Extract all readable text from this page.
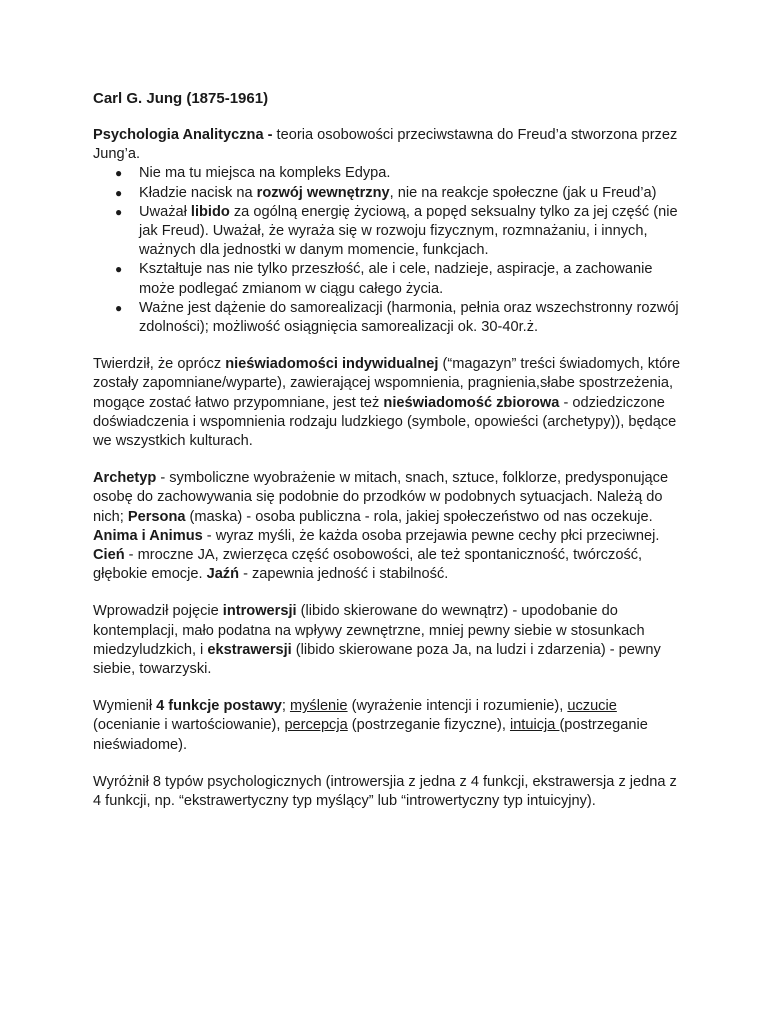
Carl G. Jung (1875-1961)

Psychologia Analityczna - teoria osobowości przeciwstawna do Freud’a stworzona przez Jung’a.

● Nie ma tu miejsca na kompleks Edypa.
● Kładzie nacisk na rozwój wewnętrzny, nie na reakcje społeczne (jak u Freud’a)
● Uważał libido za ogólną energię życiową, a popęd seksualny tylko za jej część (nie jak Freud). Uważał, że wyraża się w rozwoju fizycznym, rozmnażaniu, i innych, ważnych dla jednostki w danym momencie, funkcjach.
● Kształtuje nas nie tylko przeszłość, ale i cele, nadzieje, aspiracje, a zachowanie może podlegać zmianom w ciągu całego życia.
● Ważne jest dążenie do samorealizacji (harmonia, pełnia oraz wszechstronny rozwój zdolności); możliwość osiągnięcia samorealizacji ok. 30-40r.ż.

Twierdził, że oprócz nieświadomości indywidualnej (“magazyn” treści świadomych, które zostały zapomniane/wyparte), zawierającej wspomnienia, pragnienia,słabe spostrzeżenia, mogące zostać łatwo przypomniane, jest też nieświadomość zbiorowa - odziedziczone doświadczenia i wspomnienia rodzaju ludzkiego (symbole, opowieści (archetypy)), będące we wszystkich kulturach.

Archetyp - symboliczne wyobrażenie w mitach, snach, sztuce, folklorze, predysponujące osobę do zachowywania się podobnie do przodków w podobnych sytuacjach. Należą do nich; Persona (maska) - osoba publiczna - rola, jakiej społeczeństwo od nas oczekuje. Anima i Animus - wyraz myśli, że każda osoba przejawia pewne cechy płci przeciwnej. Cień - mroczne JA, zwierzęca część osobowości, ale też spontaniczność, twórczość, głębokie emocje. Jaźń - zapewnia jedność i stabilność.

Wprowadził pojęcie introwersji (libido skierowane do wewnątrz) - upodobanie do kontemplacji, mało podatna na wpływy zewnętrzne, mniej pewny siebie w stosunkach miedzyludzkich, i ekstrawersji (libido skierowane poza Ja, na ludzi i zdarzenia) - pewny siebie, towarzyski.

Wymienił 4 funkcje postawy; myślenie (wyrażenie intencji i rozumienie), uczucie (ocenianie i wartościowanie), percepcja (postrzeganie fizyczne), intuicja (postrzeganie nieświadome).

Wyróżnił 8 typów psychologicznych (introwersjia z jedna z 4 funkcji, ekstrawersja z jedna z 4 funkcji, np. “ekstrawertyczny typ myślący” lub “introwertyczny typ intuicyjny).
